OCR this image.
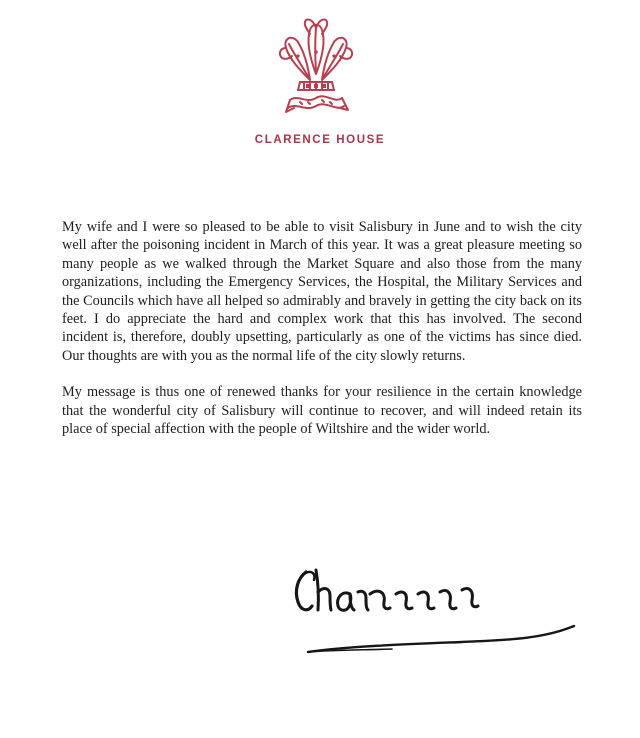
CLARENCE HOUSE

My wife and I were so pleased to be able to visit Salisbury in June and to wish the city well after the poisoning incident in March of this year. It was a great pleasure meeting so many people as we walked through the Market Square and also those from the many organizations, including the Emergency Services, the Hospital, the Military Services and the Councils which have all helped so admirably and bravely in getting the city back on its feet. I do appreciate the hard and complex work that this has involved. The second incident is, therefore, doubly upsetting, particularly as one of the victims has since died. Our thoughts are with you as the normal life of the city slowly returns.

My message is thus one of renewed thanks for your resilience in the certain knowledge that the wonderful city of Salisbury will continue to recover, and will indeed retain its place of special affection with the people of Wiltshire and the wider world.
